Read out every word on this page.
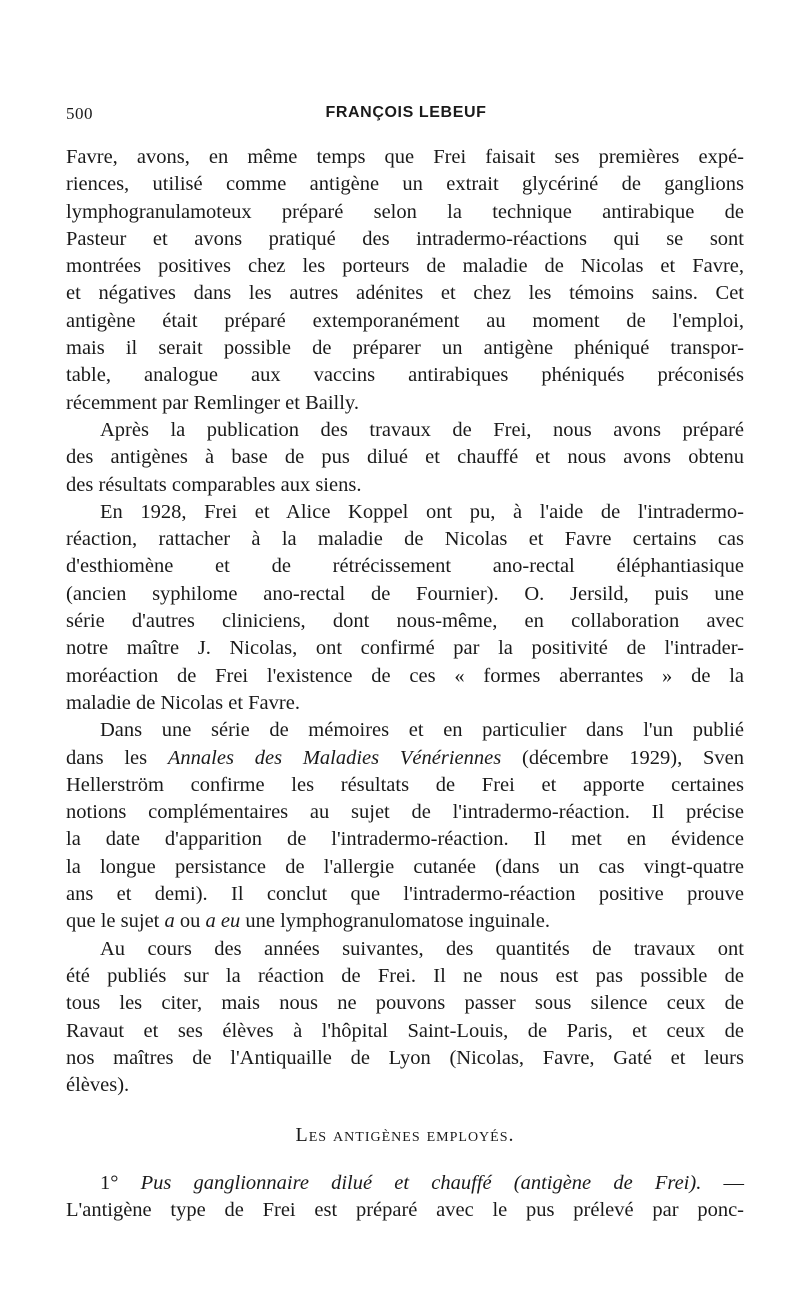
500	FRANÇOIS LEBEUF
Favre, avons, en même temps que Frei faisait ses premières expé-
riences, utilisé comme antigène un extrait glycériné de ganglions
lymphogranulamoteux préparé selon la technique antirabique de
Pasteur et avons pratiqué des intradermo-réactions qui se sont
montrées positives chez les porteurs de maladie de Nicolas et Favre,
et négatives dans les autres adénites et chez les témoins sains. Cet
antigène était préparé extemporanément au moment de l'emploi,
mais il serait possible de préparer un antigène phéniqué transpor-
table, analogue aux vaccins antirabiques phéniqués préconisés
récemment par Remlinger et Bailly.
Après la publication des travaux de Frei, nous avons préparé
des antigènes à base de pus dilué et chauffé et nous avons obtenu
des résultats comparables aux siens.
En 1928, Frei et Alice Koppel ont pu, à l'aide de l'intradermo-
réaction, rattacher à la maladie de Nicolas et Favre certains cas
d'esthiomène et de rétrécissement ano-rectal éléphantiasique
(ancien syphilome ano-rectal de Fournier). O. Jersild, puis une
série d'autres cliniciens, dont nous-même, en collaboration avec
notre maître J. Nicolas, ont confirmé par la positivité de l'intrader-
moréaction de Frei l'existence de ces « formes aberrantes » de la
maladie de Nicolas et Favre.
Dans une série de mémoires et en particulier dans l'un publié
dans les Annales des Maladies Vénériennes (décembre 1929), Sven
Hellerström confirme les résultats de Frei et apporte certaines
notions complémentaires au sujet de l'intradermo-réaction. Il précise
la date d'apparition de l'intradermo-réaction. Il met en évidence
la longue persistance de l'allergie cutanée (dans un cas vingt-quatre
ans et demi). Il conclut que l'intradermo-réaction positive prouve
que le sujet a ou a eu une lymphogranulomatose inguinale.
Au cours des années suivantes, des quantités de travaux ont
été publiés sur la réaction de Frei. Il ne nous est pas possible de
tous les citer, mais nous ne pouvons passer sous silence ceux de
Ravaut et ses élèves à l'hôpital Saint-Louis, de Paris, et ceux de
nos maîtres de l'Antiquaille de Lyon (Nicolas, Favre, Gaté et leurs
élèves).
Les antigènes employés.
1° Pus ganglionnaire dilué et chauffé (antigène de Frei). —
L'antigène type de Frei est préparé avec le pus prélevé par ponc-
